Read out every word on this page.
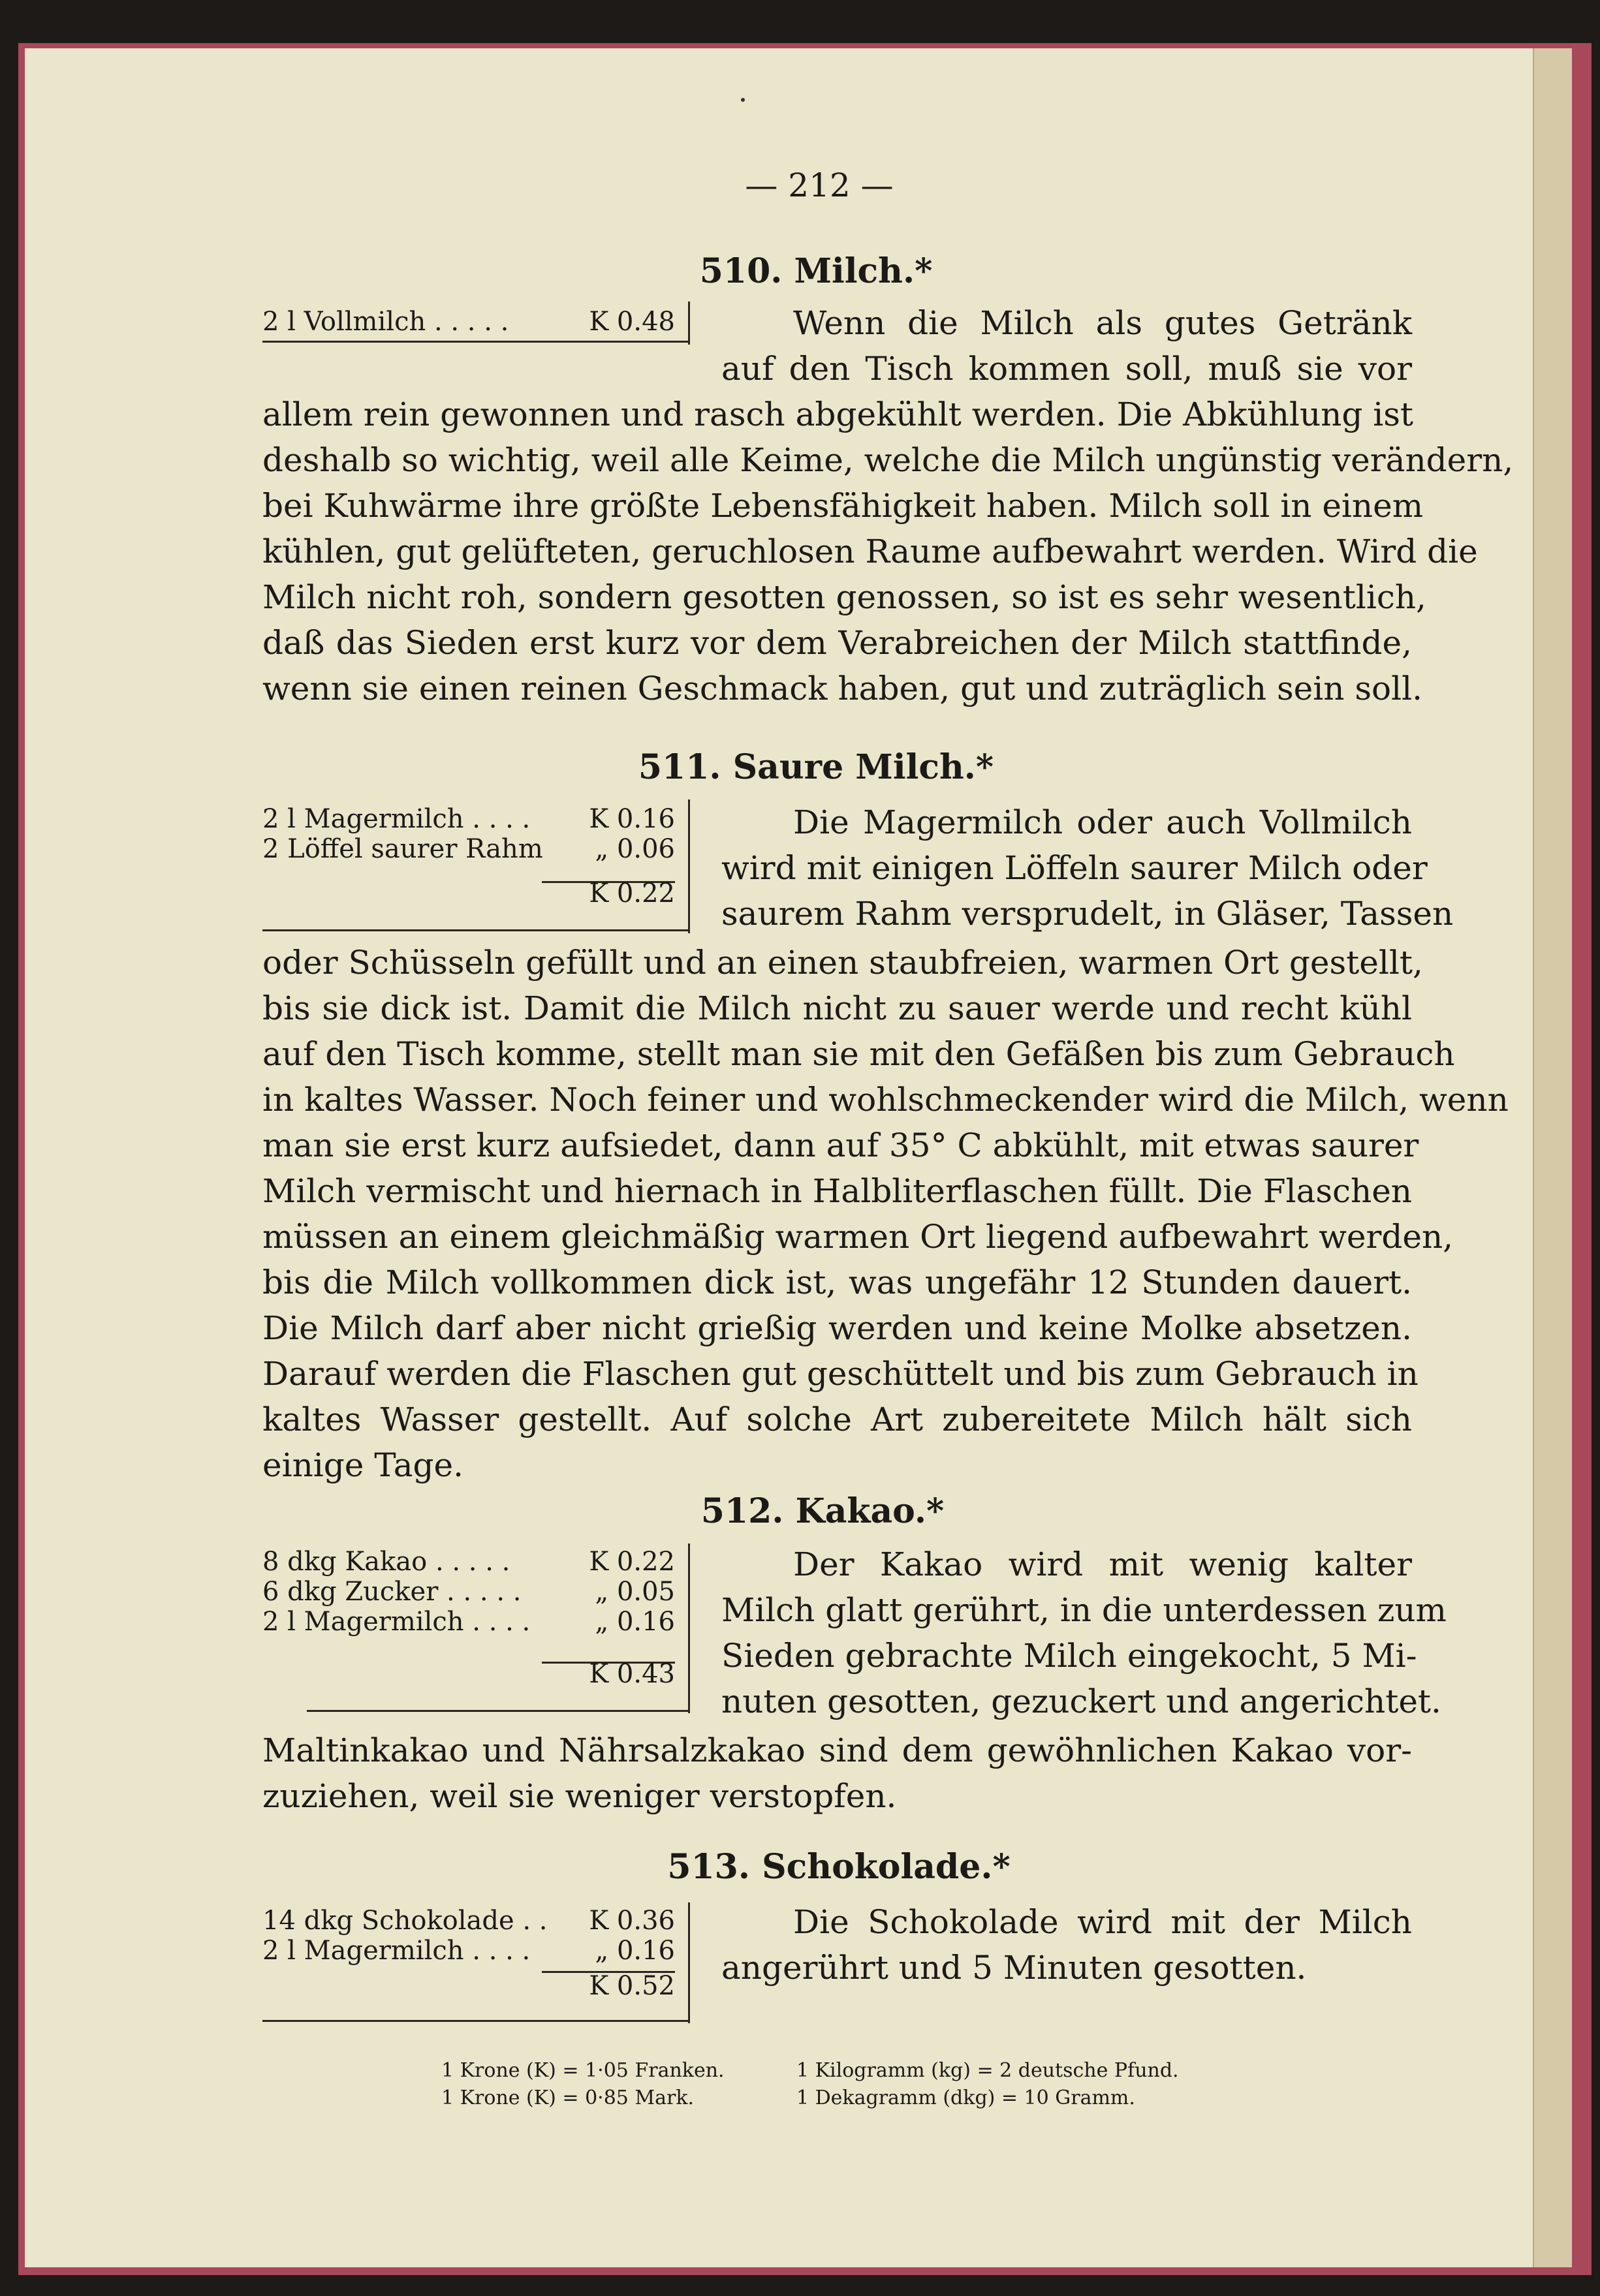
— 212 —
510. Milch.*
2 l Vollmilch . . . . .	K 0.48	Wenn die Milch als gutes Getränk
auf den Tisch kommen soll, muß sie vor
allem rein gewonnen und rasch abgekühlt werden. Die Abkühlung ist
deshalb so wichtig, weil alle Keime, welche die Milch ungünstig verändern,
bei Kuhwärme ihre größte Lebensfähigkeit haben. Milch soll in einem
kühlen, gut gelüfteten, geruchlosen Raume aufbewahrt werden. Wird die
Milch nicht roh, sondern gesotten genossen, so ist es sehr wesentlich,
daß das Sieden erst kurz vor dem Verabreichen der Milch stattfinde,
wenn sie einen reinen Geschmack haben, gut und zuträglich sein soll.
511. Saure Milch.*
2 l Magermilch . . . . K 0.16
2 Löffel saurer Rahm „ 0.06
K 0.22
Die Magermilch oder auch Vollmilch
wird mit einigen Löffeln saurer Milch oder
saurem Rahm versprudelt, in Gläser, Tassen
oder Schüsseln gefüllt und an einen staubfreien, warmen Ort gestellt,
bis sie dick ist. Damit die Milch nicht zu sauer werde und recht kühl
auf den Tisch komme, stellt man sie mit den Gefäßen bis zum Gebrauch
in kaltes Wasser. Noch feiner und wohlschmeckender wird die Milch, wenn
man sie erst kurz aufsiedet, dann auf 35° C abkühlt, mit etwas saurer
Milch vermischt und hiernach in Halbliterflaschen füllt. Die Flaschen
müssen an einem gleichmäßig warmen Ort liegend aufbewahrt werden,
bis die Milch vollkommen dick ist, was ungefähr 12 Stunden dauert.
Die Milch darf aber nicht grießig werden und keine Molke absetzen.
Darauf werden die Flaschen gut geschüttelt und bis zum Gebrauch in
kaltes Wasser gestellt. Auf solche Art zubereitete Milch hält sich
einige Tage.
512. Kakao.*
8 dkg Kakao . . . . .	K 0.22
6 dkg Zucker . . . . .	„ 0.05
2 l Magermilch . . . . „ 0.16
K 0.43
Der Kakao wird mit wenig kalter
Milch glatt gerührt, in die unterdessen zum
Sieden gebrachte Milch eingekocht, 5 Mi-
nuten gesotten, gezuckert und angerichtet.
Maltinkakao und Nährsalzkakao sind dem gewöhnlichen Kakao vor-
zuziehen, weil sie weniger verstopfen.
513. Schokolade.*
14 dkg Schokolade . . K 0.36
2 l Magermilch . . . . „ 0.16
K 0.52
Die Schokolade wird mit der Milch
angerührt und 5 Minuten gesotten.
1 Krone (K) = 1·05 Franken.	1 Kilogramm (kg) = 2 deutsche Pfund.
1 Krone (K) = 0·85 Mark.	1 Dekagramm (dkg) = 10 Gramm.
